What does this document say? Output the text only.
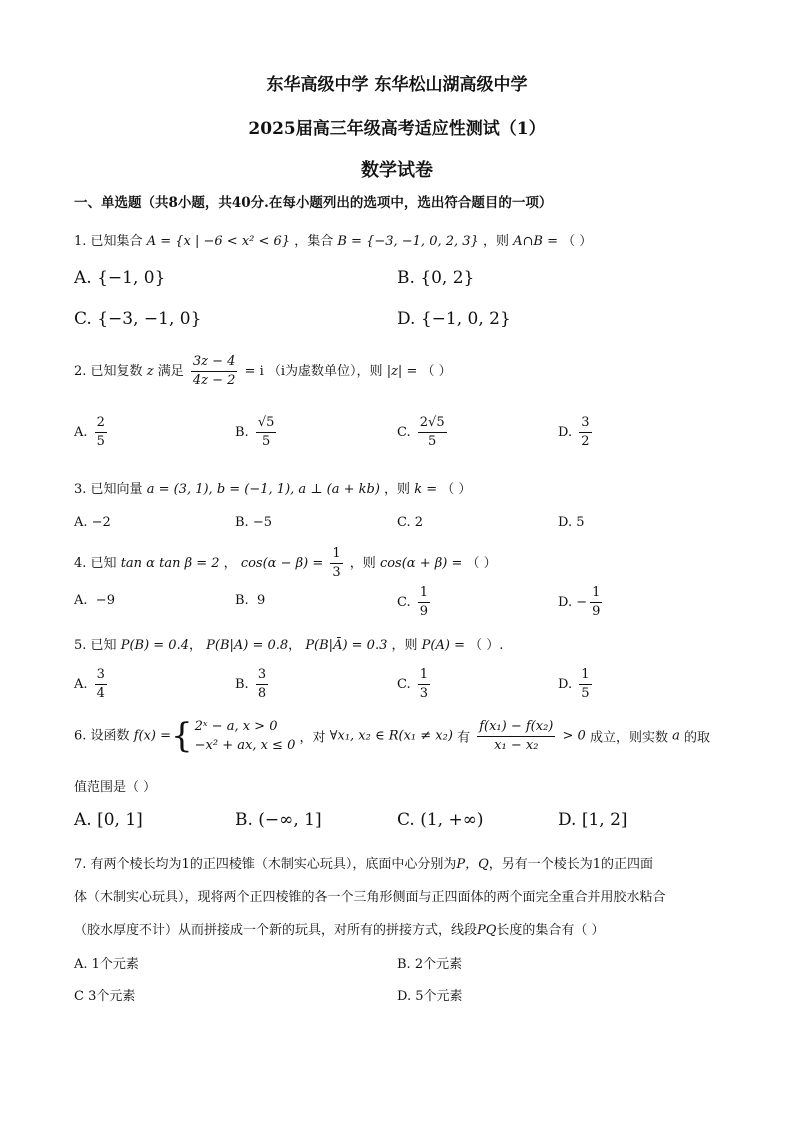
东华高级中学 东华松山湖高级中学
2025届高三年级高考适应性测试（1）
数学试卷
一、单选题（共8小题，共40分.在每小题列出的选项中，选出符合题目的一项）
1. 已知集合 A = {x | −6 < x² < 6} ，集合 B = {−3, −1, 0, 2, 3} ，则 A∩B = （ ）
A. {−1, 0}	B. {0, 2}
C. {−3, −1, 0}	D. {−1, 0, 2}
2. 已知复数 z 满足 $\frac{3z - 4}{4z - 2} = i$ （i为虚数单位），则 |z| = （ ）
A. $\frac{2}{5}$	B. $\frac{√5}{5}$	C. $\frac{2√5}{5}$	D. $\frac{3}{2}$
3. 已知向量 a = (3, 1), b = (−1, 1), a ⊥ (a + kb) ，则 k = （ ）
A. −2	B. −5	C. 2	D. 5
4. 已知 tan α tan β = 2 ， $\cos(\alpha - \beta) = \frac{1}{3}$ ，则 cos(α + β) = （ ）
A. −9	B. 9	C. $\frac{1}{9}$	D. − $\frac{1}{9}$
5. 已知 P(B) = 0.4， P(B|A) = 0.8， P(B|Ā) = 0.3 ，则 P(A) = （ ）.
A. $\frac{3}{4}$	B. $\frac{3}{8}$	C. $\frac{1}{3}$	D. $\frac{1}{5}$
6. 设函数 f(x) ={ 2ˣ − a, x > 0
−x² + ax, x ≤ 0 ，对 ∀x₁, x₂ ∈ R(x₁ ≠ x₂) 有 $\frac{\text{f(x₁) − f(x₂)}}{\text{x₁ − x₂}} > 0$ 成立，则实数 a 的取
值范围是（ ）
A. [0, 1]	B. (−∞, 1]	C. (1, +∞)	D. [1, 2]
7. 有两个棱长均为1的正四棱锥（木制实心玩具），底面中心分别为P，Q，另有一个棱长为1的正四面
体（木制实心玩具），现将两个正四棱锥的各一个三角形侧面与正四面体的两个面完全重合并用胶水粘合
（胶水厚度不计）从而拼接成一个新的玩具，对所有的拼接方式，线段PQ长度的集合有（ ）
A. 1个元素	B. 2个元素
C 3个元素	D. 5个元素
